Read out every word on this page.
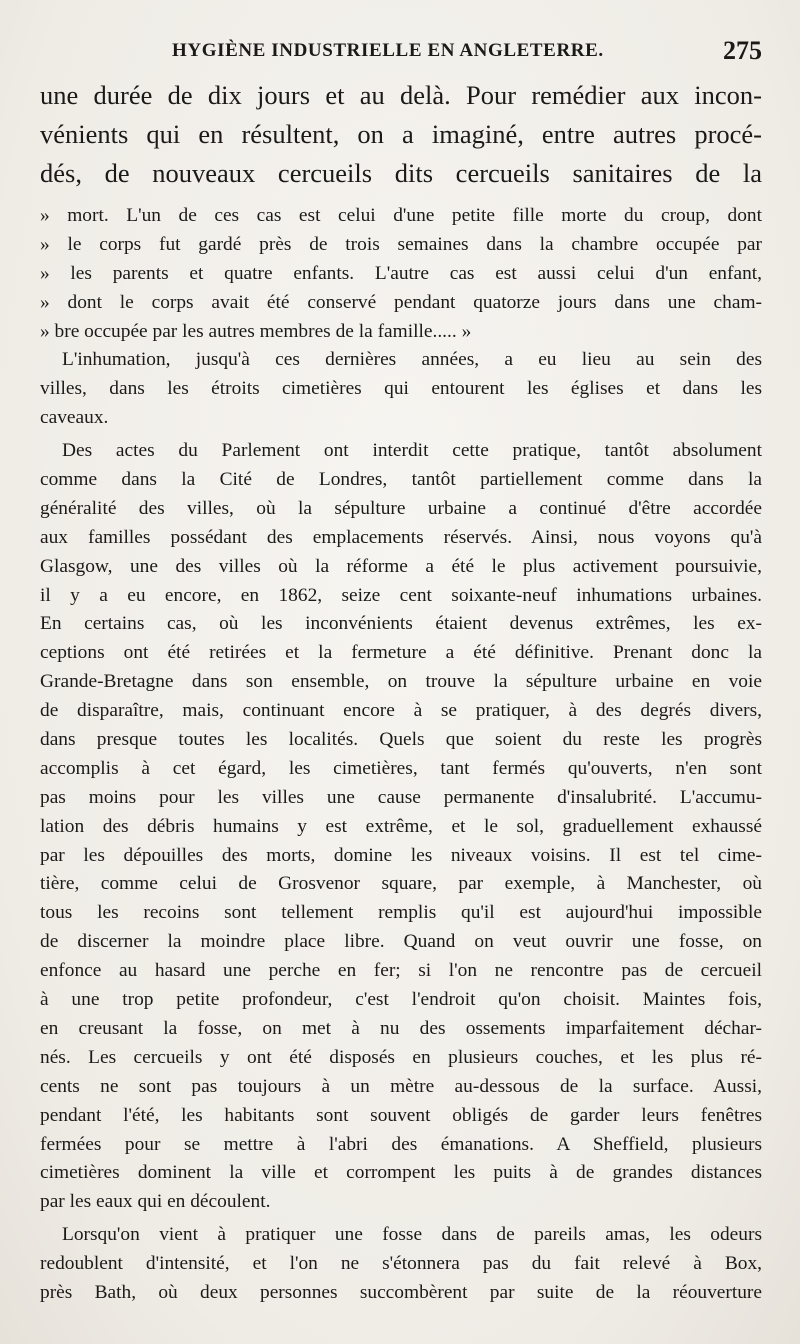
HYGIÈNE INDUSTRIELLE EN ANGLETERRE.	275
une durée de dix jours et au delà. Pour remédier aux incon-
vénients qui en résultent, on a imaginé, entre autres procé-
dés, de nouveaux cercueils dits cercueils sanitaires de la
» mort. L'un de ces cas est celui d'une petite fille morte du croup, dont
» le corps fut gardé près de trois semaines dans la chambre occupée par
» les parents et quatre enfants. L'autre cas est aussi celui d'un enfant,
» dont le corps avait été conservé pendant quatorze jours dans une cham-
» bre occupée par les autres membres de la famille..... »
L'inhumation, jusqu'à ces dernières années, a eu lieu au sein des
villes, dans les étroits cimetières qui entourent les églises et dans les
caveaux.
Des actes du Parlement ont interdit cette pratique, tantôt absolument
comme dans la Cité de Londres, tantôt partiellement comme dans la
généralité des villes, où la sépulture urbaine a continué d'être accordée
aux familles possédant des emplacements réservés. Ainsi, nous voyons qu'à
Glasgow, une des villes où la réforme a été le plus activement poursuivie,
il y a eu encore, en 1862, seize cent soixante-neuf inhumations urbaines.
En certains cas, où les inconvénients étaient devenus extrêmes, les ex-
ceptions ont été retirées et la fermeture a été définitive. Prenant donc la
Grande-Bretagne dans son ensemble, on trouve la sépulture urbaine en voie
de disparaître, mais, continuant encore à se pratiquer, à des degrés divers,
dans presque toutes les localités. Quels que soient du reste les progrès
accomplis à cet égard, les cimetières, tant fermés qu'ouverts, n'en sont
pas moins pour les villes une cause permanente d'insalubrité. L'accumu-
lation des débris humains y est extrême, et le sol, graduellement exhaussé
par les dépouilles des morts, domine les niveaux voisins. Il est tel cime-
tière, comme celui de Grosvenor square, par exemple, à Manchester, où
tous les recoins sont tellement remplis qu'il est aujourd'hui impossible
de discerner la moindre place libre. Quand on veut ouvrir une fosse, on
enfonce au hasard une perche en fer; si l'on ne rencontre pas de cercueil
à une trop petite profondeur, c'est l'endroit qu'on choisit. Maintes fois,
en creusant la fosse, on met à nu des ossements imparfaitement déchar-
nés. Les cercueils y ont été disposés en plusieurs couches, et les plus ré-
cents ne sont pas toujours à un mètre au-dessous de la surface. Aussi,
pendant l'été, les habitants sont souvent obligés de garder leurs fenêtres
fermées pour se mettre à l'abri des émanations. A Sheffield, plusieurs
cimetières dominent la ville et corrompent les puits à de grandes distances
par les eaux qui en découlent.
Lorsqu'on vient à pratiquer une fosse dans de pareils amas, les odeurs
redoublent d'intensité, et l'on ne s'étonnera pas du fait relevé à Box,
près Bath, où deux personnes succombèrent par suite de la réouverture
